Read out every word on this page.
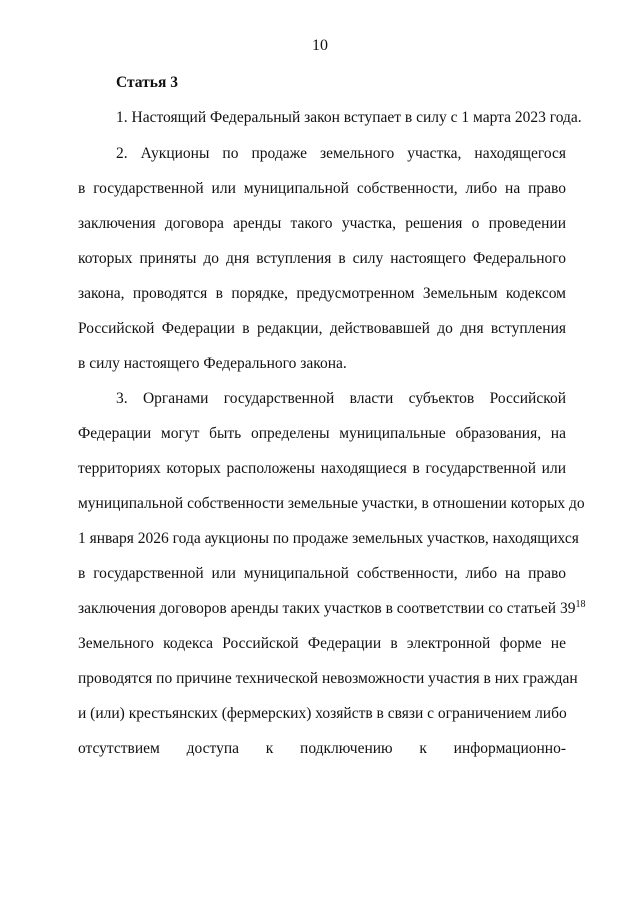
10
Статья 3
1. Настоящий Федеральный закон вступает в силу с 1 марта 2023 года.
2. Аукционы по продаже земельного участка, находящегося
в государственной или муниципальной собственности, либо на право
заключения договора аренды такого участка, решения о проведении
которых приняты до дня вступления в силу настоящего Федерального
закона, проводятся в порядке, предусмотренном Земельным кодексом
Российской Федерации в редакции, действовавшей до дня вступления
в силу настоящего Федерального закона.
3. Органами государственной власти субъектов Российской
Федерации могут быть определены муниципальные образования, на
территориях которых расположены находящиеся в государственной или
муниципальной собственности земельные участки, в отношении которых до
1 января 2026 года аукционы по продаже земельных участков, находящихся
в государственной или муниципальной собственности, либо на право
заключения договоров аренды таких участков в соответствии со статьей $39^{18}$
Земельного кодекса Российской Федерации в электронной форме не
проводятся по причине технической невозможности участия в них граждан
и (или) крестьянских (фермерских) хозяйств в связи с ограничением либо
отсутствием доступа к подключению к информационно-
